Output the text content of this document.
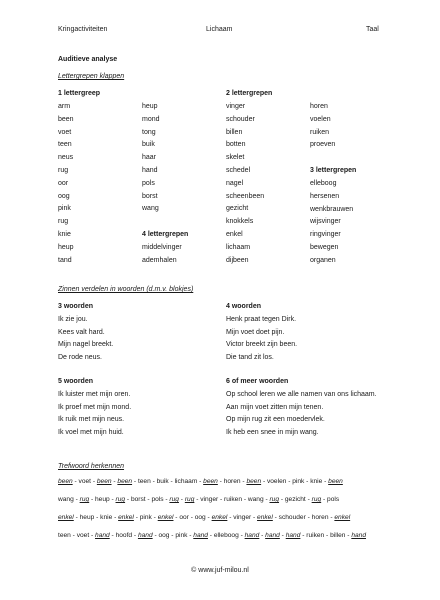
Kringactiviteiten	Lichaam	Taal
Auditieve analyse
Lettergrepen klappen
1 lettergreep
arm
been
voet
teen
neus
rug
oor
oog
pink
rug
knie
heup
tand
heup
mond
tong
buik
haar
hand
pols
borst
wang
4 lettergrepen
middelvinger
ademhalen
2 lettergrepen
vinger
schouder
billen
botten
skelet
schedel
nagel
scheenbeen
gezicht
knokkels
enkel
lichaam
dijbeen
horen
voelen
ruiken
proeven
3 lettergrepen
elleboog
hersenen
wenkbrauwen
wijsvinger
ringvinger
bewegen
organen
Zinnen verdelen in woorden (d.m.v. blokjes)
3 woorden
Ik zie jou.
Kees valt hard.
Mijn nagel breekt.
De rode neus.
4 woorden
Henk praat tegen Dirk.
Mijn voet doet pijn.
Victor breekt zijn been.
Die tand zit los.
5 woorden
Ik luister met mijn oren.
Ik proef met mijn mond.
Ik ruik met mijn neus.
Ik voel met mijn huid.
6 of meer woorden
Op school leren we alle namen van ons lichaam.
Aan mijn voet zitten mijn tenen.
Op mijn rug zit een moedervlek.
Ik heb een snee in mijn wang.
Trefwoord herkennen
been - voet - been - been - teen - buik - lichaam - been - horen - been - voelen - pink - knie - been
wang - rug - heup - rug - borst - pols - rug - rug - vinger - ruiken - wang - rug - gezicht - rug - pols
enkel - heup - knie - enkel - pink - enkel - oor - oog - enkel - vinger - enkel - schouder - horen - enkel
teen - voet - hand - hoofd - hand - oog - pink - hand - elleboog - hand - hand - hand - ruiken - billen - hand
© www.juf-milou.nl
